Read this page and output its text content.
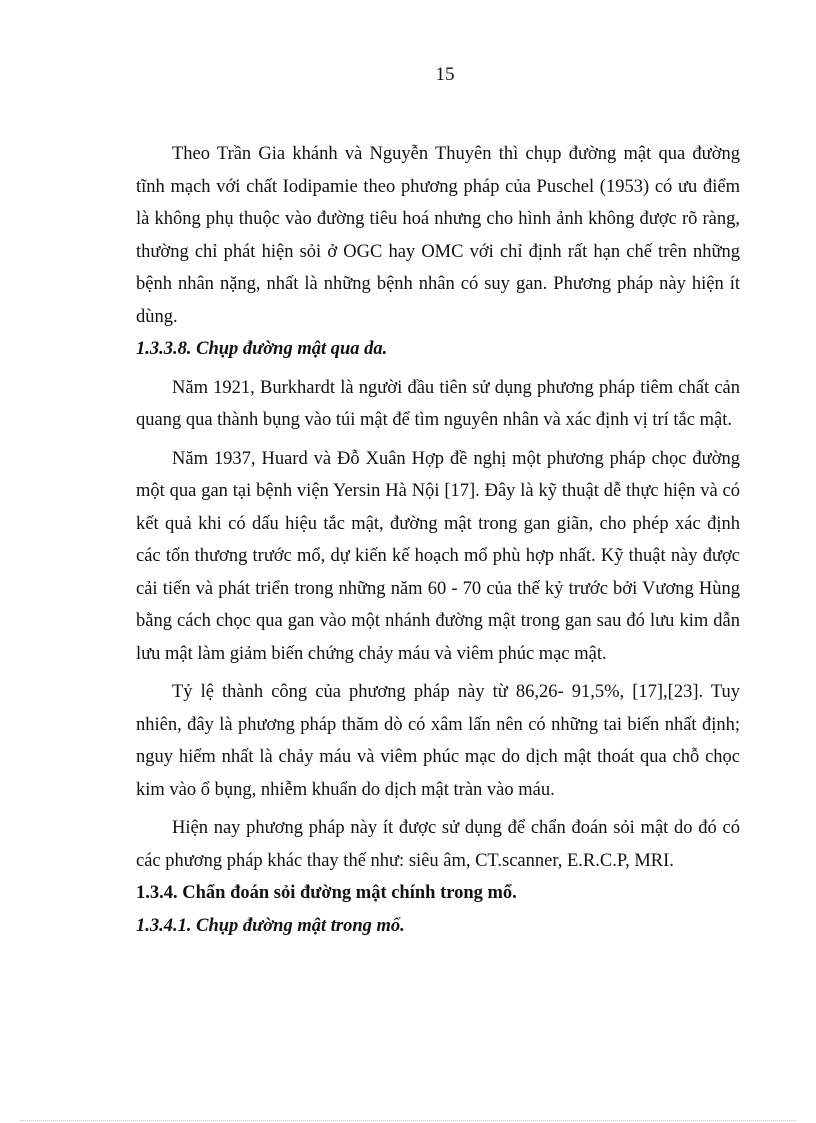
15

Theo Trần Gia khánh và Nguyễn Thuyên thì chụp đường mật qua đường tĩnh mạch với chất Iodipamie theo phương pháp của Puschel (1953) có ưu điểm là không phụ thuộc vào đường tiêu hoá nhưng cho hình ảnh không được rõ ràng, thường chỉ phát hiện sỏi ở OGC hay OMC với chỉ định rất hạn chế trên những bệnh nhân nặng, nhất là những bệnh nhân có suy gan. Phương pháp này hiện ít dùng.

1.3.3.8. Chụp đường mật qua da.

Năm 1921, Burkhardt là người đầu tiên sử dụng phương pháp tiêm chất cản quang qua thành bụng vào túi mật để tìm nguyên nhân và xác định vị trí tắc mật.

Năm 1937, Huard và Đỗ Xuân Hợp đề nghị một phương pháp chọc đường một qua gan tại bệnh viện Yersin Hà Nội [17]. Đây là kỹ thuật dễ thực hiện và có kết quả khi có dấu hiệu tắc mật, đường mật trong gan giãn, cho phép xác định các tổn thương trước mổ, dự kiến kế hoạch mổ phù hợp nhất. Kỹ thuật này được cải tiến và phát triển trong những năm 60 - 70 của thế kỷ trước bởi Vương Hùng bằng cách chọc qua gan vào một nhánh đường mật trong gan sau đó lưu kim dẫn lưu mật làm giảm biến chứng chảy máu và viêm phúc mạc mật.

Tỷ lệ thành công của phương pháp này từ 86,26- 91,5%, [17],[23]. Tuy nhiên, đây là phương pháp thăm dò có xâm lấn nên có những tai biến nhất định; nguy hiểm nhất là chảy máu và viêm phúc mạc do dịch mật thoát qua chỗ chọc kim vào ổ bụng, nhiễm khuẩn do dịch mật tràn vào máu.

Hiện nay phương pháp này ít được sử dụng để chẩn đoán sỏi mật do đó có các phương pháp khác thay thế như: siêu âm, CT.scanner, E.R.C.P, MRI.

1.3.4. Chẩn đoán sỏi đường mật chính trong mổ.

1.3.4.1. Chụp đường mật trong mổ.
